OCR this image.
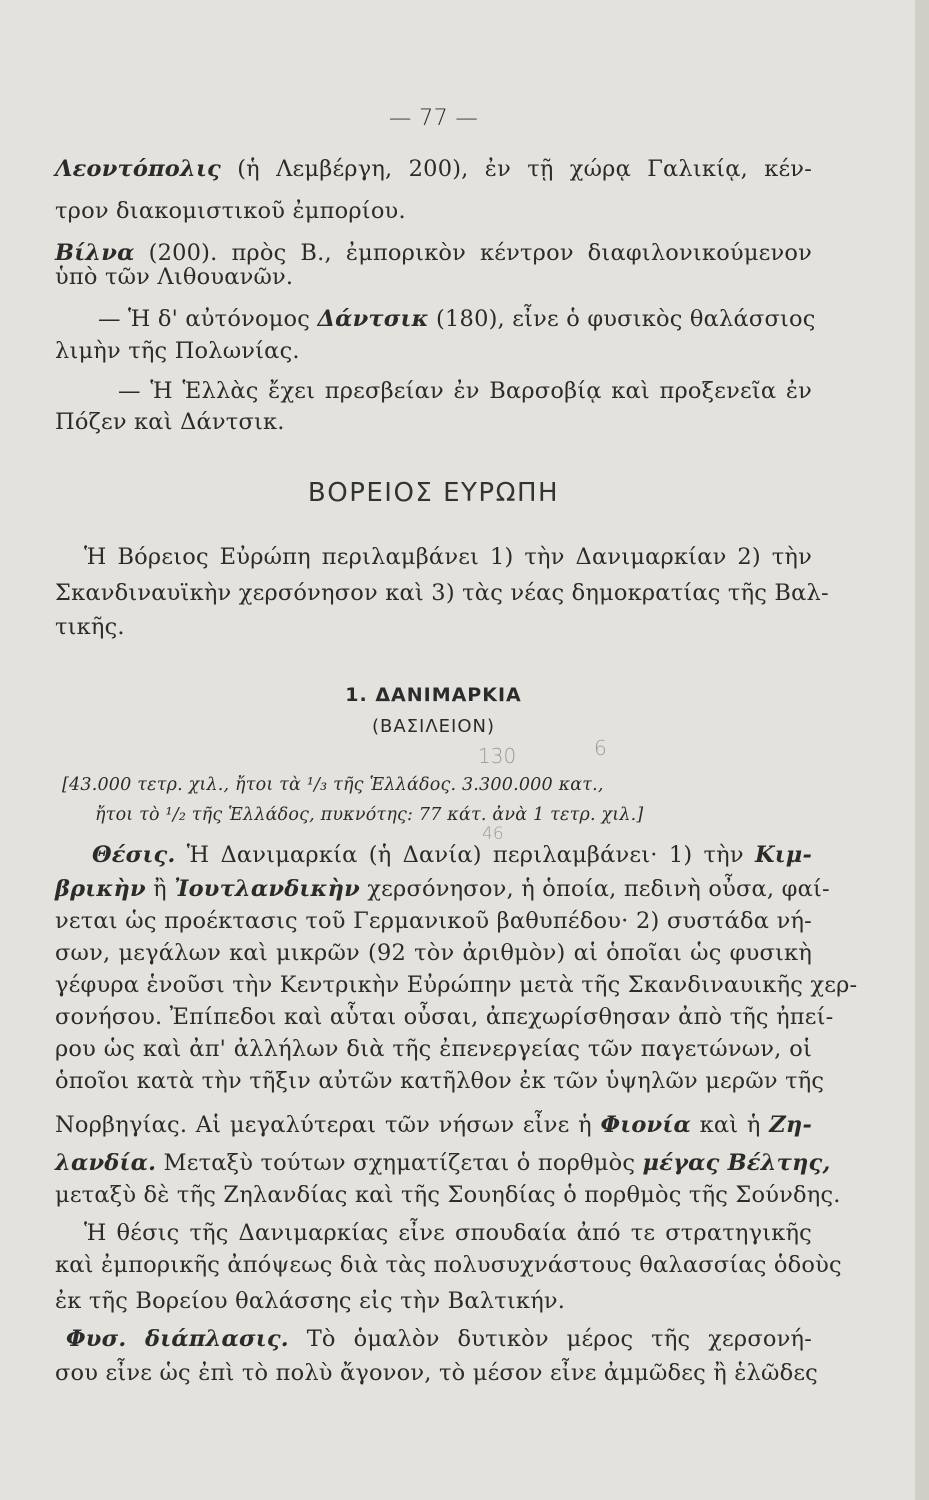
— 77 —
Λεοντόπολις (ἡ Λεμβέργη, 200), ἐν τῇ χώρᾳ Γαλικίᾳ, κέν-
τρον διακομιστικοῦ ἐμπορίου.
Βίλνα (200). πρὸς Β., ἐμπορικὸν κέντρον διαφιλονικούμενον
ὑπὸ τῶν Λιθουανῶν.
— Ἡ δ' αὐτόνομος Δάντσικ (180), εἶνε ὁ φυσικὸς θαλάσσιος
λιμὴν τῆς Πολωνίας.
— Ἡ Ἑλλὰς ἔχει πρεσβείαν ἐν Βαρσοβίᾳ καὶ προξενεῖα ἐν
Πόζεν καὶ Δάντσικ.
ΒΟΡΕΙΟΣ ΕΥΡΩΠΗ
Ἡ Βόρειος Εὐρώπη περιλαμβάνει 1) τὴν Δανιμαρκίαν 2) τὴν
Σκανδιναυϊκὴν χερσόνησον καὶ 3) τὰς νέας δημοκρατίας τῆς Βαλ-
τικῆς.
1. ΔΑΝΙΜΑΡΚΙΑ
(ΒΑΣΙΛΕΙΟΝ)
[43.000 τετρ. χιλ., ἤτοι τὰ ¹/₃ τῆς Ἑλλάδος. 3.300.000 κατ.,
ἤτοι τὸ ¹/₂ τῆς Ἑλλάδος, πυκνότης: 77 κάτ. ἀνὰ 1 τετρ. χιλ.]
Θέσις. Ἡ Δανιμαρκία (ἡ Δανία) περιλαμβάνει· 1) τὴν Κιμ-
βρικὴν ἢ Ἰουτλανδικὴν χερσόνησον, ἡ ὁποία, πεδινὴ οὖσα, φαί-
νεται ὡς προέκτασις τοῦ Γερμανικοῦ βαθυπέδου· 2) συστάδα νή-
σων, μεγάλων καὶ μικρῶν (92 τὸν ἀριθμὸν) αἱ ὁποῖαι ὡς φυσικὴ
γέφυρα ἑνοῦσι τὴν Κεντρικὴν Εὐρώπην μετὰ τῆς Σκανδιναυικῆς χερ-
σονήσου. Ἐπίπεδοι καὶ αὗται οὖσαι, ἀπεχωρίσθησαν ἀπὸ τῆς ἠπεί-
ρου ὡς καὶ ἀπ' ἀλλήλων διὰ τῆς ἐπενεργείας τῶν παγετώνων, οἱ
ὁποῖοι κατὰ τὴν τῆξιν αὐτῶν κατῆλθον ἐκ τῶν ὑψηλῶν μερῶν τῆς
Νορβηγίας. Αἱ μεγαλύτεραι τῶν νήσων εἶνε ἡ Φιονία καὶ ἡ Ζη-
λανδία. Μεταξὺ τούτων σχηματίζεται ὁ πορθμὸς μέγας Βέλτης,
μεταξὺ δὲ τῆς Ζηλανδίας καὶ τῆς Σουηδίας ὁ πορθμὸς τῆς Σούνδης.
Ἡ θέσις τῆς Δανιμαρκίας εἶνε σπουδαία ἀπό τε στρατηγικῆς
καὶ ἐμπορικῆς ἀπόψεως διὰ τὰς πολυσυχνάστους θαλασσίας ὁδοὺς
ἐκ τῆς Βορείου θαλάσσης εἰς τὴν Βαλτικήν.
Φυσ. διάπλασις. Τὸ ὁμαλὸν δυτικὸν μέρος τῆς χερσονή-
σου εἶνε ὡς ἐπὶ τὸ πολὺ ἄγονον, τὸ μέσον εἶνε ἀμμῶδες ἢ ἑλῶδες
130	6
46
